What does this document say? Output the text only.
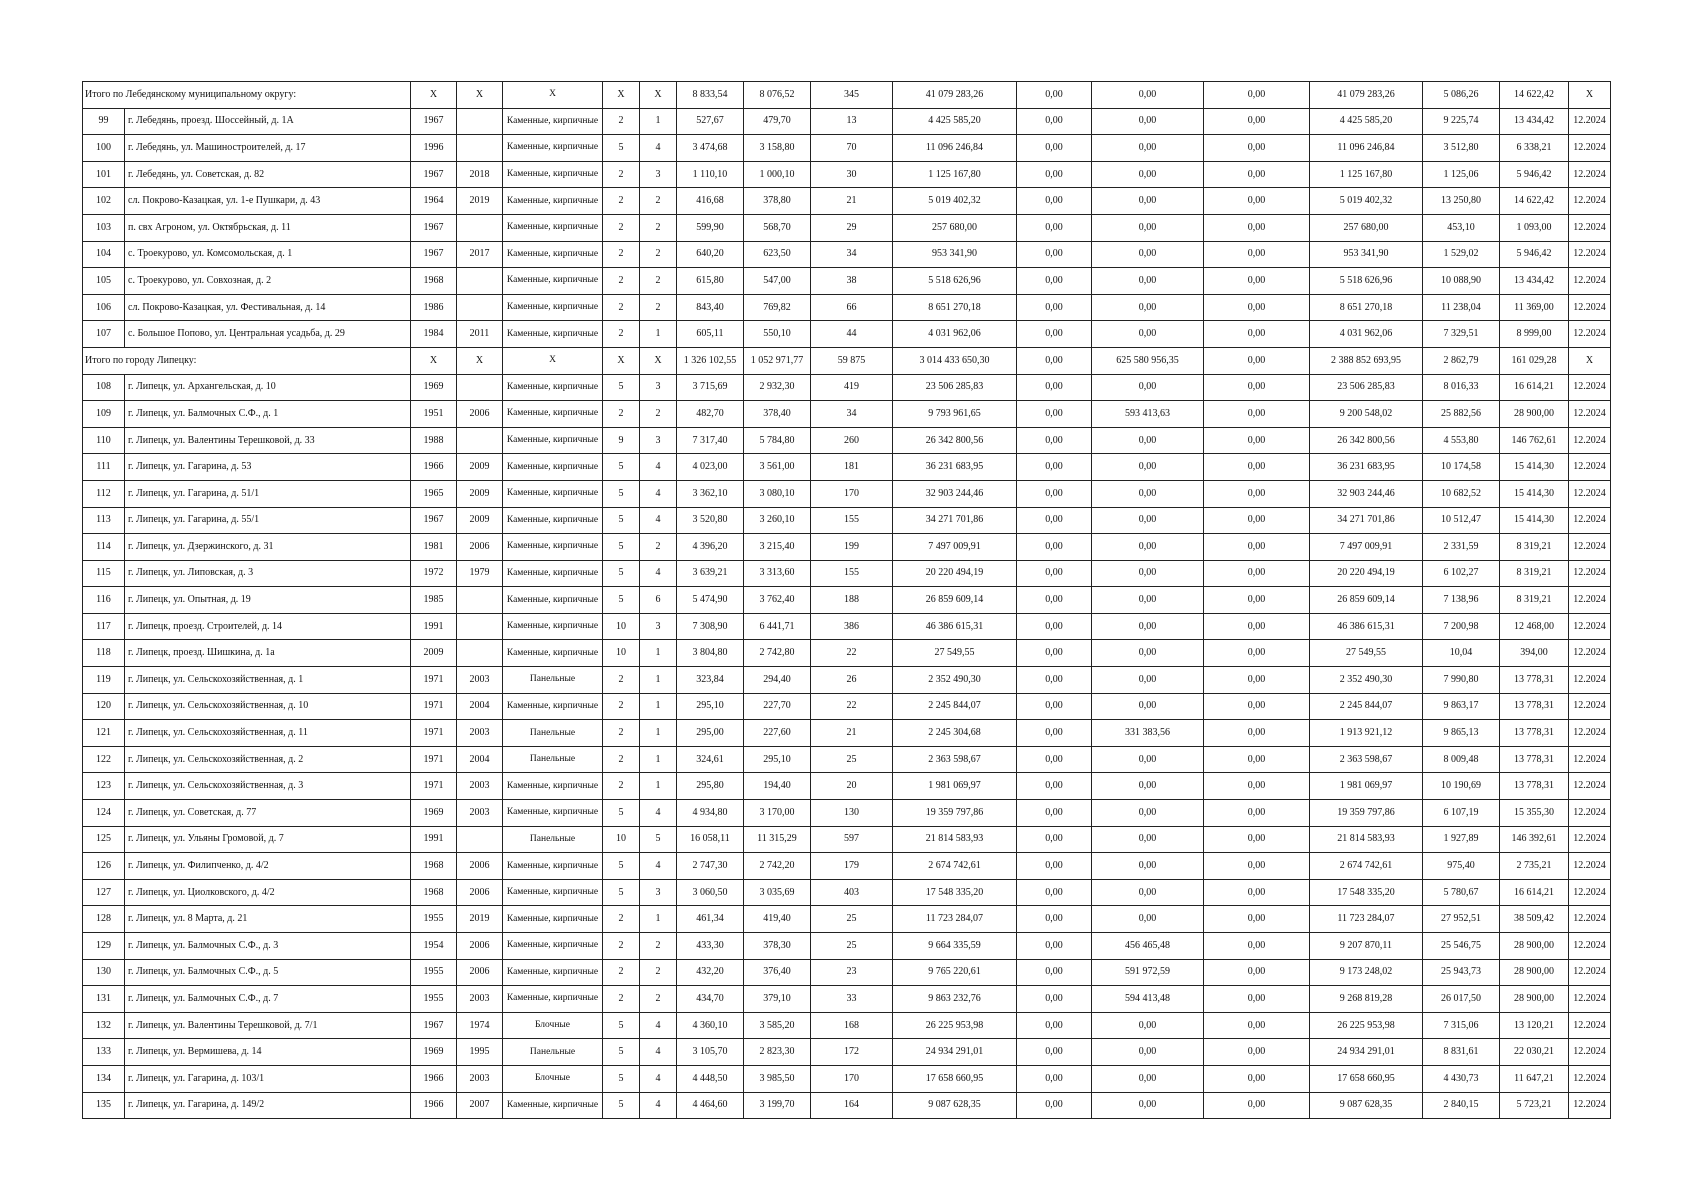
Итого по Лебедянскому муниципальному округу:		X	X	X	X	X	8 833,54	8 076,52	345	41 079 283,26	0,00	0,00	0,00	41 079 283,26	5 086,26	14 622,42	X
99	г. Лебедянь, проезд. Шоссейный, д. 1А	1967		Каменные, кирпичные	2	1	527,67	479,70	13	4 425 585,20	0,00	0,00	0,00	4 425 585,20	9 225,74	13 434,42	12.2024
100	г. Лебедянь, ул. Машиностроителей, д. 17	1996		Каменные, кирпичные	5	4	3 474,68	3 158,80	70	11 096 246,84	0,00	0,00	0,00	11 096 246,84	3 512,80	6 338,21	12.2024
101	г. Лебедянь, ул. Советская, д. 82	1967	2018	Каменные, кирпичные	2	3	1 110,10	1 000,10	30	1 125 167,80	0,00	0,00	0,00	1 125 167,80	1 125,06	5 946,42	12.2024
102	сл. Покрово-Казацкая, ул. 1-е Пушкари, д. 43	1964	2019	Каменные, кирпичные	2	2	416,68	378,80	21	5 019 402,32	0,00	0,00	0,00	5 019 402,32	13 250,80	14 622,42	12.2024
103	п. свх Агроном, ул. Октябрьская, д. 11	1967		Каменные, кирпичные	2	2	599,90	568,70	29	257 680,00	0,00	0,00	0,00	257 680,00	453,10	1 093,00	12.2024
104	с. Троекурово, ул. Комсомольская, д. 1	1967	2017	Каменные, кирпичные	2	2	640,20	623,50	34	953 341,90	0,00	0,00	0,00	953 341,90	1 529,02	5 946,42	12.2024
105	с. Троекурово, ул. Совхозная, д. 2	1968		Каменные, кирпичные	2	2	615,80	547,00	38	5 518 626,96	0,00	0,00	0,00	5 518 626,96	10 088,90	13 434,42	12.2024
106	сл. Покрово-Казацкая, ул. Фестивальная, д. 14	1986		Каменные, кирпичные	2	2	843,40	769,82	66	8 651 270,18	0,00	0,00	0,00	8 651 270,18	11 238,04	11 369,00	12.2024
107	с. Большое Попово, ул. Центральная усадьба, д. 29	1984	2011	Каменные, кирпичные	2	1	605,11	550,10	44	4 031 962,06	0,00	0,00	0,00	4 031 962,06	7 329,51	8 999,00	12.2024
Итого по городу Липецку:		X	X	X	X	X	1 326 102,55	1 052 971,77	59 875	3 014 433 650,30	0,00	625 580 956,35	0,00	2 388 852 693,95	2 862,79	161 029,28	X
108	г. Липецк, ул. Архангельская, д. 10	1969		Каменные, кирпичные	5	3	3 715,69	2 932,30	419	23 506 285,83	0,00	0,00	0,00	23 506 285,83	8 016,33	16 614,21	12.2024
109	г. Липецк, ул. Балмочных С.Ф., д. 1	1951	2006	Каменные, кирпичные	2	2	482,70	378,40	34	9 793 961,65	0,00	593 413,63	0,00	9 200 548,02	25 882,56	28 900,00	12.2024
110	г. Липецк, ул. Валентины Терешковой, д. 33	1988		Каменные, кирпичные	9	3	7 317,40	5 784,80	260	26 342 800,56	0,00	0,00	0,00	26 342 800,56	4 553,80	146 762,61	12.2024
111	г. Липецк, ул. Гагарина, д. 53	1966	2009	Каменные, кирпичные	5	4	4 023,00	3 561,00	181	36 231 683,95	0,00	0,00	0,00	36 231 683,95	10 174,58	15 414,30	12.2024
112	г. Липецк, ул. Гагарина, д. 51/1	1965	2009	Каменные, кирпичные	5	4	3 362,10	3 080,10	170	32 903 244,46	0,00	0,00	0,00	32 903 244,46	10 682,52	15 414,30	12.2024
113	г. Липецк, ул. Гагарина, д. 55/1	1967	2009	Каменные, кирпичные	5	4	3 520,80	3 260,10	155	34 271 701,86	0,00	0,00	0,00	34 271 701,86	10 512,47	15 414,30	12.2024
114	г. Липецк, ул. Дзержинского, д. 31	1981	2006	Каменные, кирпичные	5	2	4 396,20	3 215,40	199	7 497 009,91	0,00	0,00	0,00	7 497 009,91	2 331,59	8 319,21	12.2024
115	г. Липецк, ул. Липовская, д. 3	1972	1979	Каменные, кирпичные	5	4	3 639,21	3 313,60	155	20 220 494,19	0,00	0,00	0,00	20 220 494,19	6 102,27	8 319,21	12.2024
116	г. Липецк, ул. Опытная, д. 19	1985		Каменные, кирпичные	5	6	5 474,90	3 762,40	188	26 859 609,14	0,00	0,00	0,00	26 859 609,14	7 138,96	8 319,21	12.2024
117	г. Липецк, проезд. Строителей, д. 14	1991		Каменные, кирпичные	10	3	7 308,90	6 441,71	386	46 386 615,31	0,00	0,00	0,00	46 386 615,31	7 200,98	12 468,00	12.2024
118	г. Липецк, проезд. Шишкина, д. 1а	2009		Каменные, кирпичные	10	1	3 804,80	2 742,80	22	27 549,55	0,00	0,00	0,00	27 549,55	10,04	394,00	12.2024
119	г. Липецк, ул. Сельскохозяйственная, д. 1	1971	2003	Панельные	2	1	323,84	294,40	26	2 352 490,30	0,00	0,00	0,00	2 352 490,30	7 990,80	13 778,31	12.2024
120	г. Липецк, ул. Сельскохозяйственная, д. 10	1971	2004	Каменные, кирпичные	2	1	295,10	227,70	22	2 245 844,07	0,00	0,00	0,00	2 245 844,07	9 863,17	13 778,31	12.2024
121	г. Липецк, ул. Сельскохозяйственная, д. 11	1971	2003	Панельные	2	1	295,00	227,60	21	2 245 304,68	0,00	331 383,56	0,00	1 913 921,12	9 865,13	13 778,31	12.2024
122	г. Липецк, ул. Сельскохозяйственная, д. 2	1971	2004	Панельные	2	1	324,61	295,10	25	2 363 598,67	0,00	0,00	0,00	2 363 598,67	8 009,48	13 778,31	12.2024
123	г. Липецк, ул. Сельскохозяйственная, д. 3	1971	2003	Каменные, кирпичные	2	1	295,80	194,40	20	1 981 069,97	0,00	0,00	0,00	1 981 069,97	10 190,69	13 778,31	12.2024
124	г. Липецк, ул. Советская, д. 77	1969	2003	Каменные, кирпичные	5	4	4 934,80	3 170,00	130	19 359 797,86	0,00	0,00	0,00	19 359 797,86	6 107,19	15 355,30	12.2024
125	г. Липецк, ул. Ульяны Громовой, д. 7	1991		Панельные	10	5	16 058,11	11 315,29	597	21 814 583,93	0,00	0,00	0,00	21 814 583,93	1 927,89	146 392,61	12.2024
126	г. Липецк, ул. Филипченко, д. 4/2	1968	2006	Каменные, кирпичные	5	4	2 747,30	2 742,20	179	2 674 742,61	0,00	0,00	0,00	2 674 742,61	975,40	2 735,21	12.2024
127	г. Липецк, ул. Циолковского, д. 4/2	1968	2006	Каменные, кирпичные	5	3	3 060,50	3 035,69	403	17 548 335,20	0,00	0,00	0,00	17 548 335,20	5 780,67	16 614,21	12.2024
128	г. Липецк, ул. 8 Марта, д. 21	1955	2019	Каменные, кирпичные	2	1	461,34	419,40	25	11 723 284,07	0,00	0,00	0,00	11 723 284,07	27 952,51	38 509,42	12.2024
129	г. Липецк, ул. Балмочных С.Ф., д. 3	1954	2006	Каменные, кирпичные	2	2	433,30	378,30	25	9 664 335,59	0,00	456 465,48	0,00	9 207 870,11	25 546,75	28 900,00	12.2024
130	г. Липецк, ул. Балмочных С.Ф., д. 5	1955	2006	Каменные, кирпичные	2	2	432,20	376,40	23	9 765 220,61	0,00	591 972,59	0,00	9 173 248,02	25 943,73	28 900,00	12.2024
131	г. Липецк, ул. Балмочных С.Ф., д. 7	1955	2003	Каменные, кирпичные	2	2	434,70	379,10	33	9 863 232,76	0,00	594 413,48	0,00	9 268 819,28	26 017,50	28 900,00	12.2024
132	г. Липецк, ул. Валентины Терешковой, д. 7/1	1967	1974	Блочные	5	4	4 360,10	3 585,20	168	26 225 953,98	0,00	0,00	0,00	26 225 953,98	7 315,06	13 120,21	12.2024
133	г. Липецк, ул. Вермишева, д. 14	1969	1995	Панельные	5	4	3 105,70	2 823,30	172	24 934 291,01	0,00	0,00	0,00	24 934 291,01	8 831,61	22 030,21	12.2024
134	г. Липецк, ул. Гагарина, д. 103/1	1966	2003	Блочные	5	4	4 448,50	3 985,50	170	17 658 660,95	0,00	0,00	0,00	17 658 660,95	4 430,73	11 647,21	12.2024
135	г. Липецк, ул. Гагарина, д. 149/2	1966	2007	Каменные, кирпичные	5	4	4 464,60	3 199,70	164	9 087 628,35	0,00	0,00	0,00	9 087 628,35	2 840,15	5 723,21	12.2024
